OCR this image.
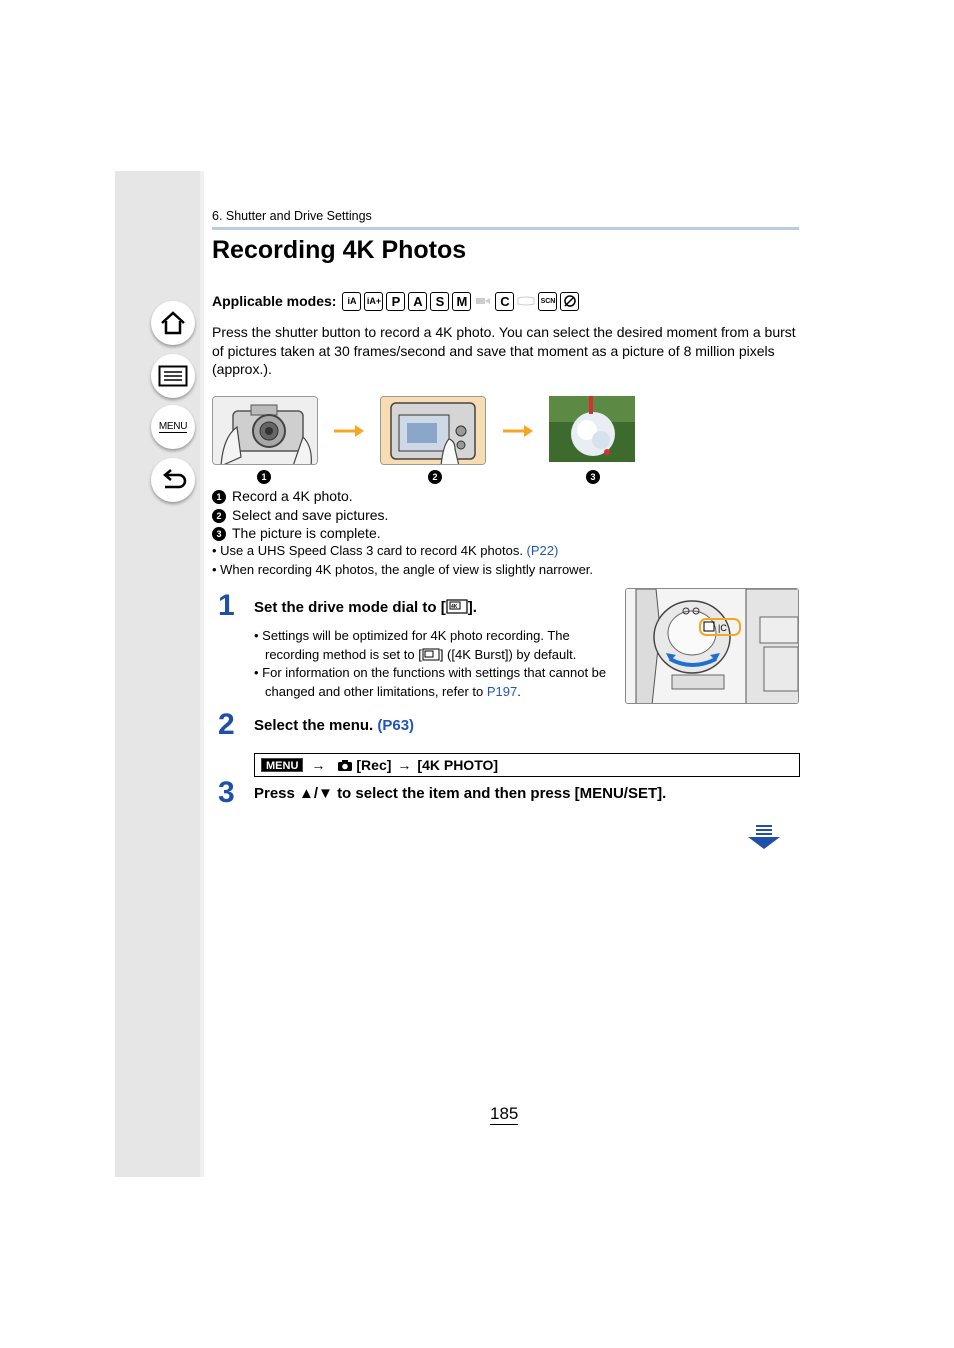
MENU
6. Shutter and Drive Settings
Recording 4K Photos
Applicable modes:	iA	iA+ P A S M	C	SCN
Press the shutter button to record a 4K photo. You can select the desired moment from a burst of pictures taken at 30 frames/second and save that moment as a picture of 8 million pixels (approx.).
1	2	3
1 Record a 4K photo.
2 Select and save pictures.
3 The picture is complete.
• Use a UHS Speed Class 3 card to record 4K photos. (P22)
• When recording 4K photos, the angle of view is slightly narrower.
1 Set the drive mode dial to [ 4K ].
• Settings will be optimized for 4K photo recording. The recording method is set to [ ] ([4K Burst]) by default.
• For information on the functions with settings that cannot be changed and other limitations, refer to P197.
|C
2 Select the menu. (P63)
MENU → [Rec] → [4K PHOTO]
3 Press ▲/▼ to select the item and then press [MENU/SET].
185
